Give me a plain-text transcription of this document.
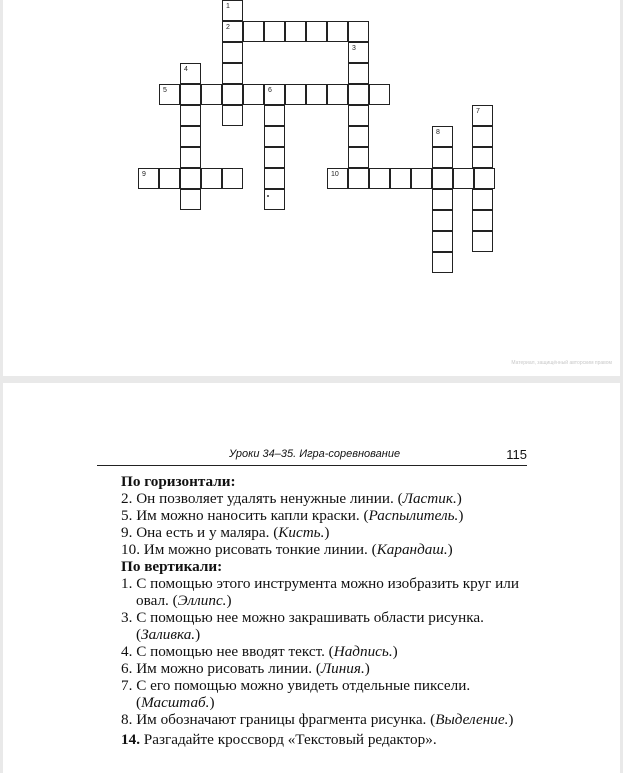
1
2
3
4
5	6
7
8
9	10
Материал, защищённый авторским правом
Уроки 34–35. Игра-соревнование	115
По горизонтали:
2. Он позволяет удалять ненужные линии. (Ластик.)
5. Им можно наносить капли краски. (Распылитель.)
9. Она есть и у маляра. (Кисть.)
10. Им можно рисовать тонкие линии. (Карандаш.)
По вертикали:
1. С помощью этого инструмента можно изобразить круг или овал. (Эллипс.)
3. С помощью нее можно закрашивать области рисунка. (Заливка.)
4. С помощью нее вводят текст. (Надпись.)
6. Им можно рисовать линии. (Линия.)
7. С его помощью можно увидеть отдельные пиксели. (Масштаб.)
8. Им обозначают границы фрагмента рисунка. (Выделение.)
14. Разгадайте кроссворд «Текстовый редактор».
